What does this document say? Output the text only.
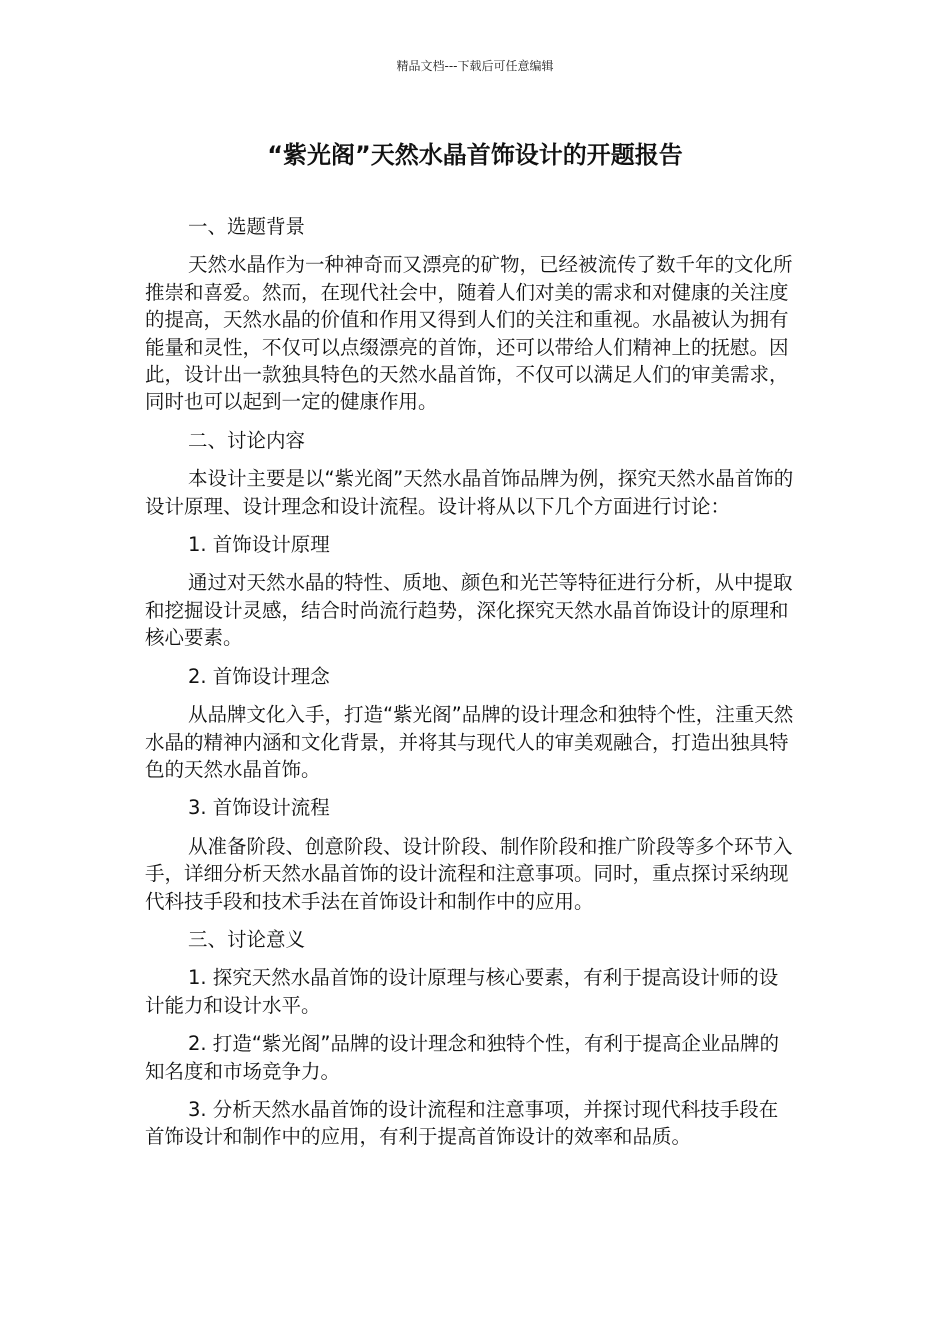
精品文档---下载后可任意编辑
“紫光阁”天然水晶首饰设计的开题报告
一、选题背景

天然水晶作为一种神奇而又漂亮的矿物，已经被流传了数千年的文化所推崇和喜爱。然而，在现代社会中，随着人们对美的需求和对健康的关注度的提高，天然水晶的价值和作用又得到人们的关注和重视。水晶被认为拥有能量和灵性，不仅可以点缀漂亮的首饰，还可以带给人们精神上的抚慰。因此，设计出一款独具特色的天然水晶首饰，不仅可以满足人们的审美需求，同时也可以起到一定的健康作用。

二、讨论内容

本设计主要是以“紫光阁”天然水晶首饰品牌为例，探究天然水晶首饰的设计原理、设计理念和设计流程。设计将从以下几个方面进行讨论：

1. 首饰设计原理

通过对天然水晶的特性、质地、颜色和光芒等特征进行分析，从中提取和挖掘设计灵感，结合时尚流行趋势，深化探究天然水晶首饰设计的原理和核心要素。

2. 首饰设计理念

从品牌文化入手，打造“紫光阁”品牌的设计理念和独特个性，注重天然水晶的精神内涵和文化背景，并将其与现代人的审美观融合，打造出独具特色的天然水晶首饰。

3. 首饰设计流程

从准备阶段、创意阶段、设计阶段、制作阶段和推广阶段等多个环节入手，详细分析天然水晶首饰的设计流程和注意事项。同时，重点探讨采纳现代科技手段和技术手法在首饰设计和制作中的应用。

三、讨论意义

1. 探究天然水晶首饰的设计原理与核心要素，有利于提高设计师的设计能力和设计水平。

2. 打造“紫光阁”品牌的设计理念和独特个性，有利于提高企业品牌的知名度和市场竞争力。

3. 分析天然水晶首饰的设计流程和注意事项，并探讨现代科技手段在首饰设计和制作中的应用，有利于提高首饰设计的效率和品质。
